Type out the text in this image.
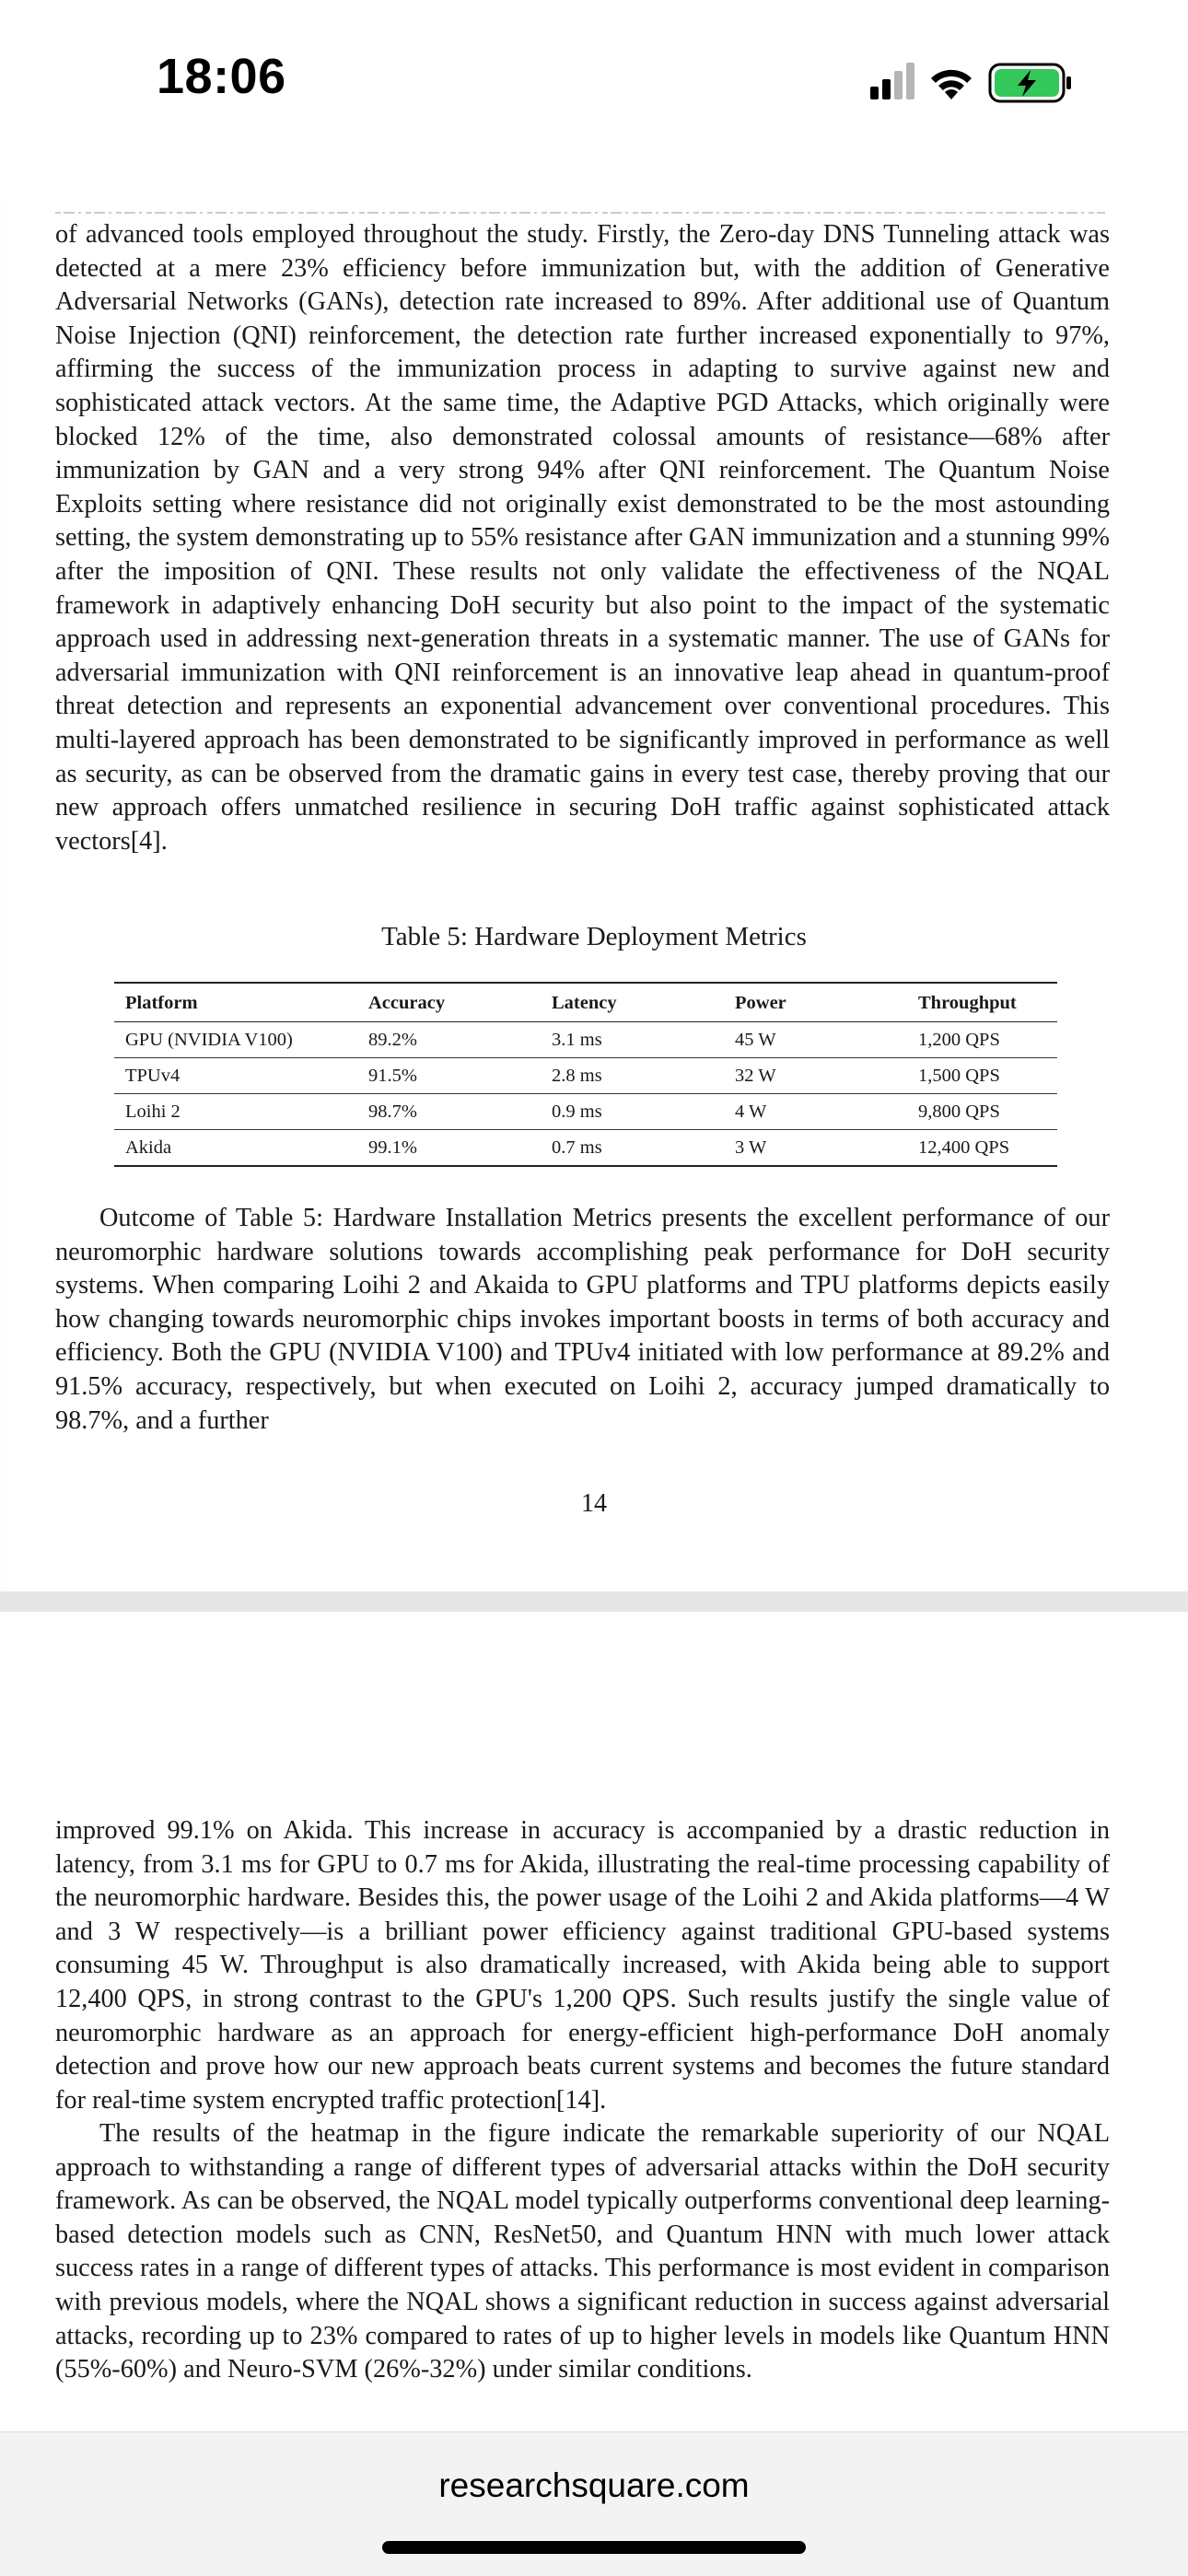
18:06

of advanced tools employed throughout the study. Firstly, the Zero-day DNS Tunneling attack was detected at a mere 23% efficiency before immunization but, with the addition of Generative Adversarial Networks (GANs), detection rate increased to 89%. After additional use of Quantum Noise Injection (QNI) reinforcement, the detection rate further increased exponentially to 97%, affirming the success of the immunization process in adapting to survive against new and sophisticated attack vectors. At the same time, the Adaptive PGD Attacks, which originally were blocked 12% of the time, also demonstrated colossal amounts of resistance—68% after immunization by GAN and a very strong 94% after QNI reinforcement. The Quantum Noise Exploits setting where resistance did not originally exist demonstrated to be the most astounding setting, the system demonstrating up to 55% resistance after GAN immunization and a stunning 99% after the imposition of QNI. These results not only validate the effectiveness of the NQAL framework in adaptively enhancing DoH security but also point to the impact of the systematic approach used in addressing next-generation threats in a systematic manner. The use of GANs for adversarial immunization with QNI reinforcement is an innovative leap ahead in quantum-proof threat detection and represents an exponential advancement over conventional procedures. This multi-layered approach has been demonstrated to be significantly improved in performance as well as security, as can be observed from the dramatic gains in every test case, thereby proving that our new approach offers unmatched resilience in securing DoH traffic against sophisticated attack vectors[4].

Table 5: Hardware Deployment Metrics
Platform	Accuracy	Latency	Power	Throughput
GPU (NVIDIA V100)	89.2%	3.1 ms	45 W	1,200 QPS
TPUv4	91.5%	2.8 ms	32 W	1,500 QPS
Loihi 2	98.7%	0.9 ms	4 W	9,800 QPS
Akida	99.1%	0.7 ms	3 W	12,400 QPS

Outcome of Table 5: Hardware Installation Metrics presents the excellent performance of our neuromorphic hardware solutions towards accomplishing peak performance for DoH security systems. When comparing Loihi 2 and Akaida to GPU platforms and TPU platforms depicts easily how changing towards neuromorphic chips invokes important boosts in terms of both accuracy and efficiency. Both the GPU (NVIDIA V100) and TPUv4 initiated with low performance at 89.2% and 91.5% accuracy, respectively, but when executed on Loihi 2, accuracy jumped dramatically to 98.7%, and a further

14

improved 99.1% on Akida. This increase in accuracy is accompanied by a drastic reduction in latency, from 3.1 ms for GPU to 0.7 ms for Akida, illustrating the real-time processing capability of the neuromorphic hardware. Besides this, the power usage of the Loihi 2 and Akida platforms—4 W and 3 W respectively—is a brilliant power efficiency against traditional GPU-based systems consuming 45 W. Throughput is also dramatically increased, with Akida being able to support 12,400 QPS, in strong contrast to the GPU's 1,200 QPS. Such results justify the single value of neuromorphic hardware as an approach for energy-efficient high-performance DoH anomaly detection and prove how our new approach beats current systems and becomes the future standard for real-time system encrypted traffic protection[14].

The results of the heatmap in the figure indicate the remarkable superiority of our NQAL approach to withstanding a range of different types of adversarial attacks within the DoH security framework. As can be observed, the NQAL model typically outperforms conventional deep learning-based detection models such as CNN, ResNet50, and Quantum HNN with much lower attack success rates in a range of different types of attacks. This performance is most evident in comparison with previous models, where the NQAL shows a significant reduction in success against adversarial attacks, recording up to 23% compared to rates of up to higher levels in models like Quantum HNN (55%-60%) and Neuro-SVM (26%-32%) under similar conditions.

researchsquare.com
